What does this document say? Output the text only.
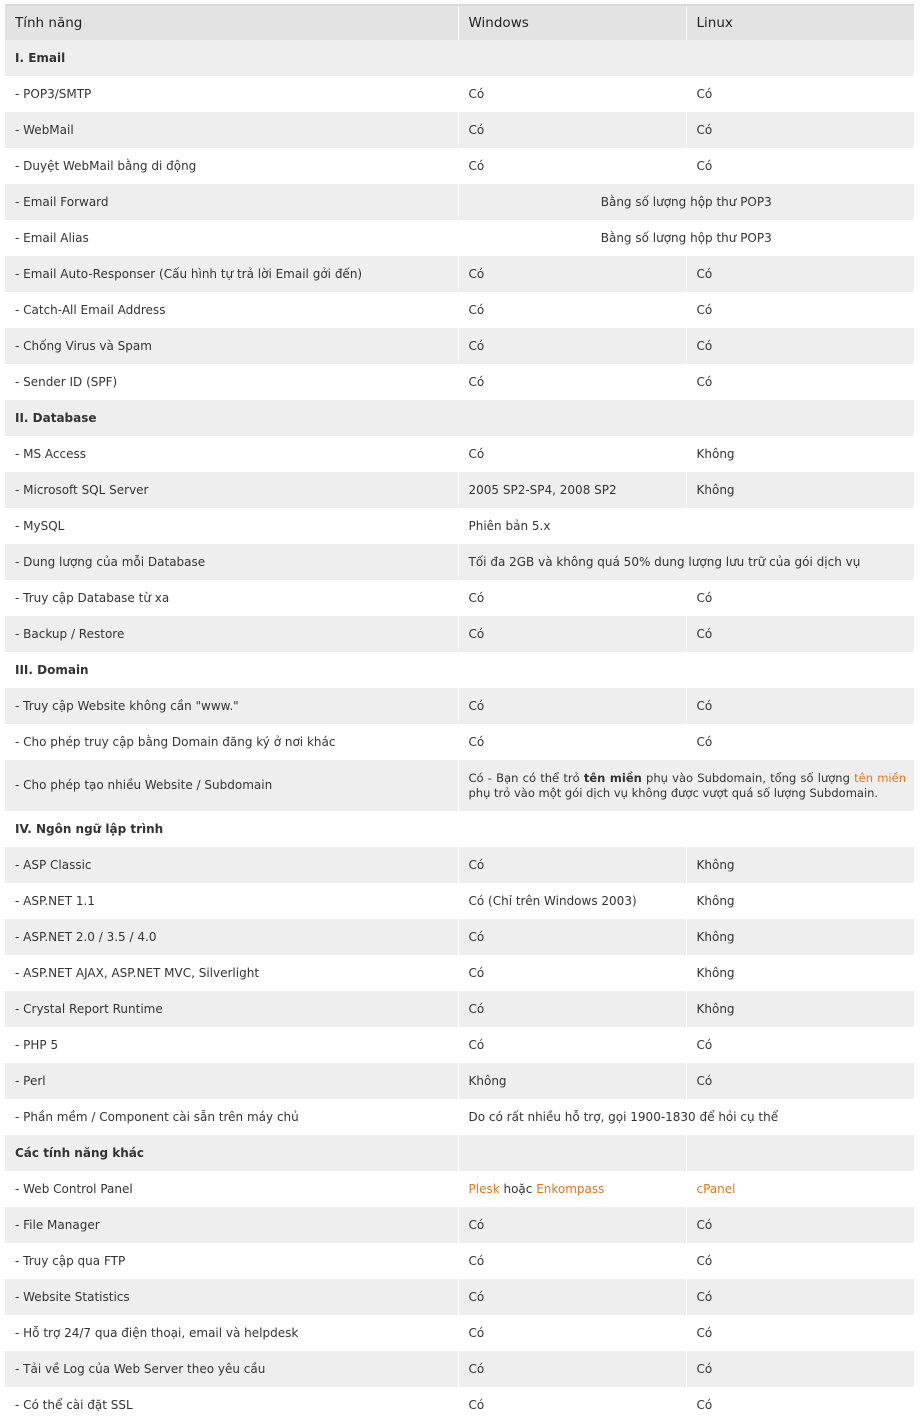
Tính năng	Windows	Linux
I. Email		
- POP3/SMTP	Có	Có
- WebMail	Có	Có
- Duyệt WebMail bằng di động	Có	Có
- Email Forward	Bằng số lượng hộp thư POP3	
- Email Alias	Bằng số lượng hộp thư POP3	
- Email Auto-Responser (Cấu hình tự trả lời Email gởi đến)	Có	Có
- Catch-All Email Address	Có	Có
- Chống Virus và Spam	Có	Có
- Sender ID (SPF)	Có	Có
II. Database		
- MS Access	Có	Không
- Microsoft SQL Server	2005 SP2-SP4, 2008 SP2	Không
- MySQL	Phiên bản 5.x	
- Dung lượng của mỗi Database	Tối đa 2GB và không quá 50% dung lượng lưu trữ của gói dịch vụ	
- Truy cập Database từ xa	Có	Có
- Backup / Restore	Có	Có
III. Domain		
- Truy cập Website không cần "www."	Có	Có
- Cho phép truy cập bằng Domain đăng ký ở nơi khác	Có	Có
- Cho phép tạo nhiều Website / Subdomain	Có - Bạn có thể trỏ tên miền phụ vào Subdomain, tổng số lượng tên miền phụ trỏ vào một gói dịch vụ không được vượt quá số lượng Subdomain.	
IV. Ngôn ngữ lập trình		
- ASP Classic	Có	Không
- ASP.NET 1.1	Có (Chỉ trên Windows 2003)	Không
- ASP.NET 2.0 / 3.5 / 4.0	Có	Không
- ASP.NET AJAX, ASP.NET MVC, Silverlight	Có	Không
- Crystal Report Runtime	Có	Không
- PHP 5	Có	Có
- Perl	Không	Có
- Phần mềm / Component cài sẵn trên máy chủ	Do có rất nhiều hỗ trợ, gọi 1900-1830 để hỏi cụ thể	
Các tính năng khác		
- Web Control Panel	Plesk hoặc Enkompass	cPanel
- File Manager	Có	Có
- Truy cập qua FTP	Có	Có
- Website Statistics	Có	Có
- Hỗ trợ 24/7 qua điện thoại, email và helpdesk	Có	Có
- Tải về Log của Web Server theo yêu cầu	Có	Có
- Có thể cài đặt SSL	Có	Có
